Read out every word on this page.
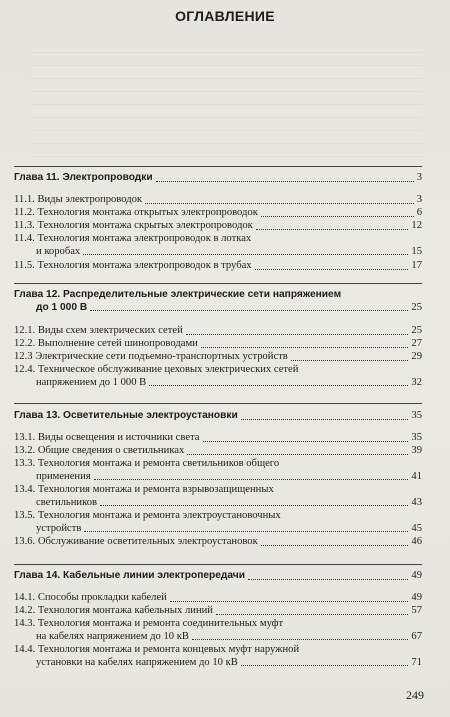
ОГЛАВЛЕНИЕ
Глава 11. Электропроводки	3
11.1. Виды электропроводок	3
11.2. Технология монтажа открытых электропроводок	6
11.3. Технология монтажа скрытых электропроводок	12
11.4. Технология монтажа электропроводок в лотках
и коробах	15
11.5. Технология монтажа электропроводок в трубах	17
Глава 12. Распределительные электрические сети напряжением
до 1 000 В	25
12.1. Виды схем электрических сетей	25
12.2. Выполнение сетей шинопроводами	27
12.3 Электрические сети подъемно-транспортных устройств	29
12.4. Техническое обслуживание цеховых электрических сетей
напряжением до 1 000 В	32
Глава 13. Осветительные электроустановки	35
13.1. Виды освещения и источники света	35
13.2. Общие сведения о светильниках	39
13.3. Технология монтажа и ремонта светильников общего
применения	41
13.4. Технология монтажа и ремонта взрывозащищенных
светильников	43
13.5. Технология монтажа и ремонта электроустановочных
устройств	45
13.6. Обслуживание осветительных электроустановок	46
Глава 14. Кабельные линии электропередачи	49
14.1. Способы прокладки кабелей	49
14.2. Технология монтажа кабельных линий	57
14.3. Технология монтажа и ремонта соединительных муфт
на кабелях напряжением до 10 кВ	67
14.4. Технология монтажа и ремонта концевых муфт наружной
установки на кабелях напряжением до 10 кВ	71
249
